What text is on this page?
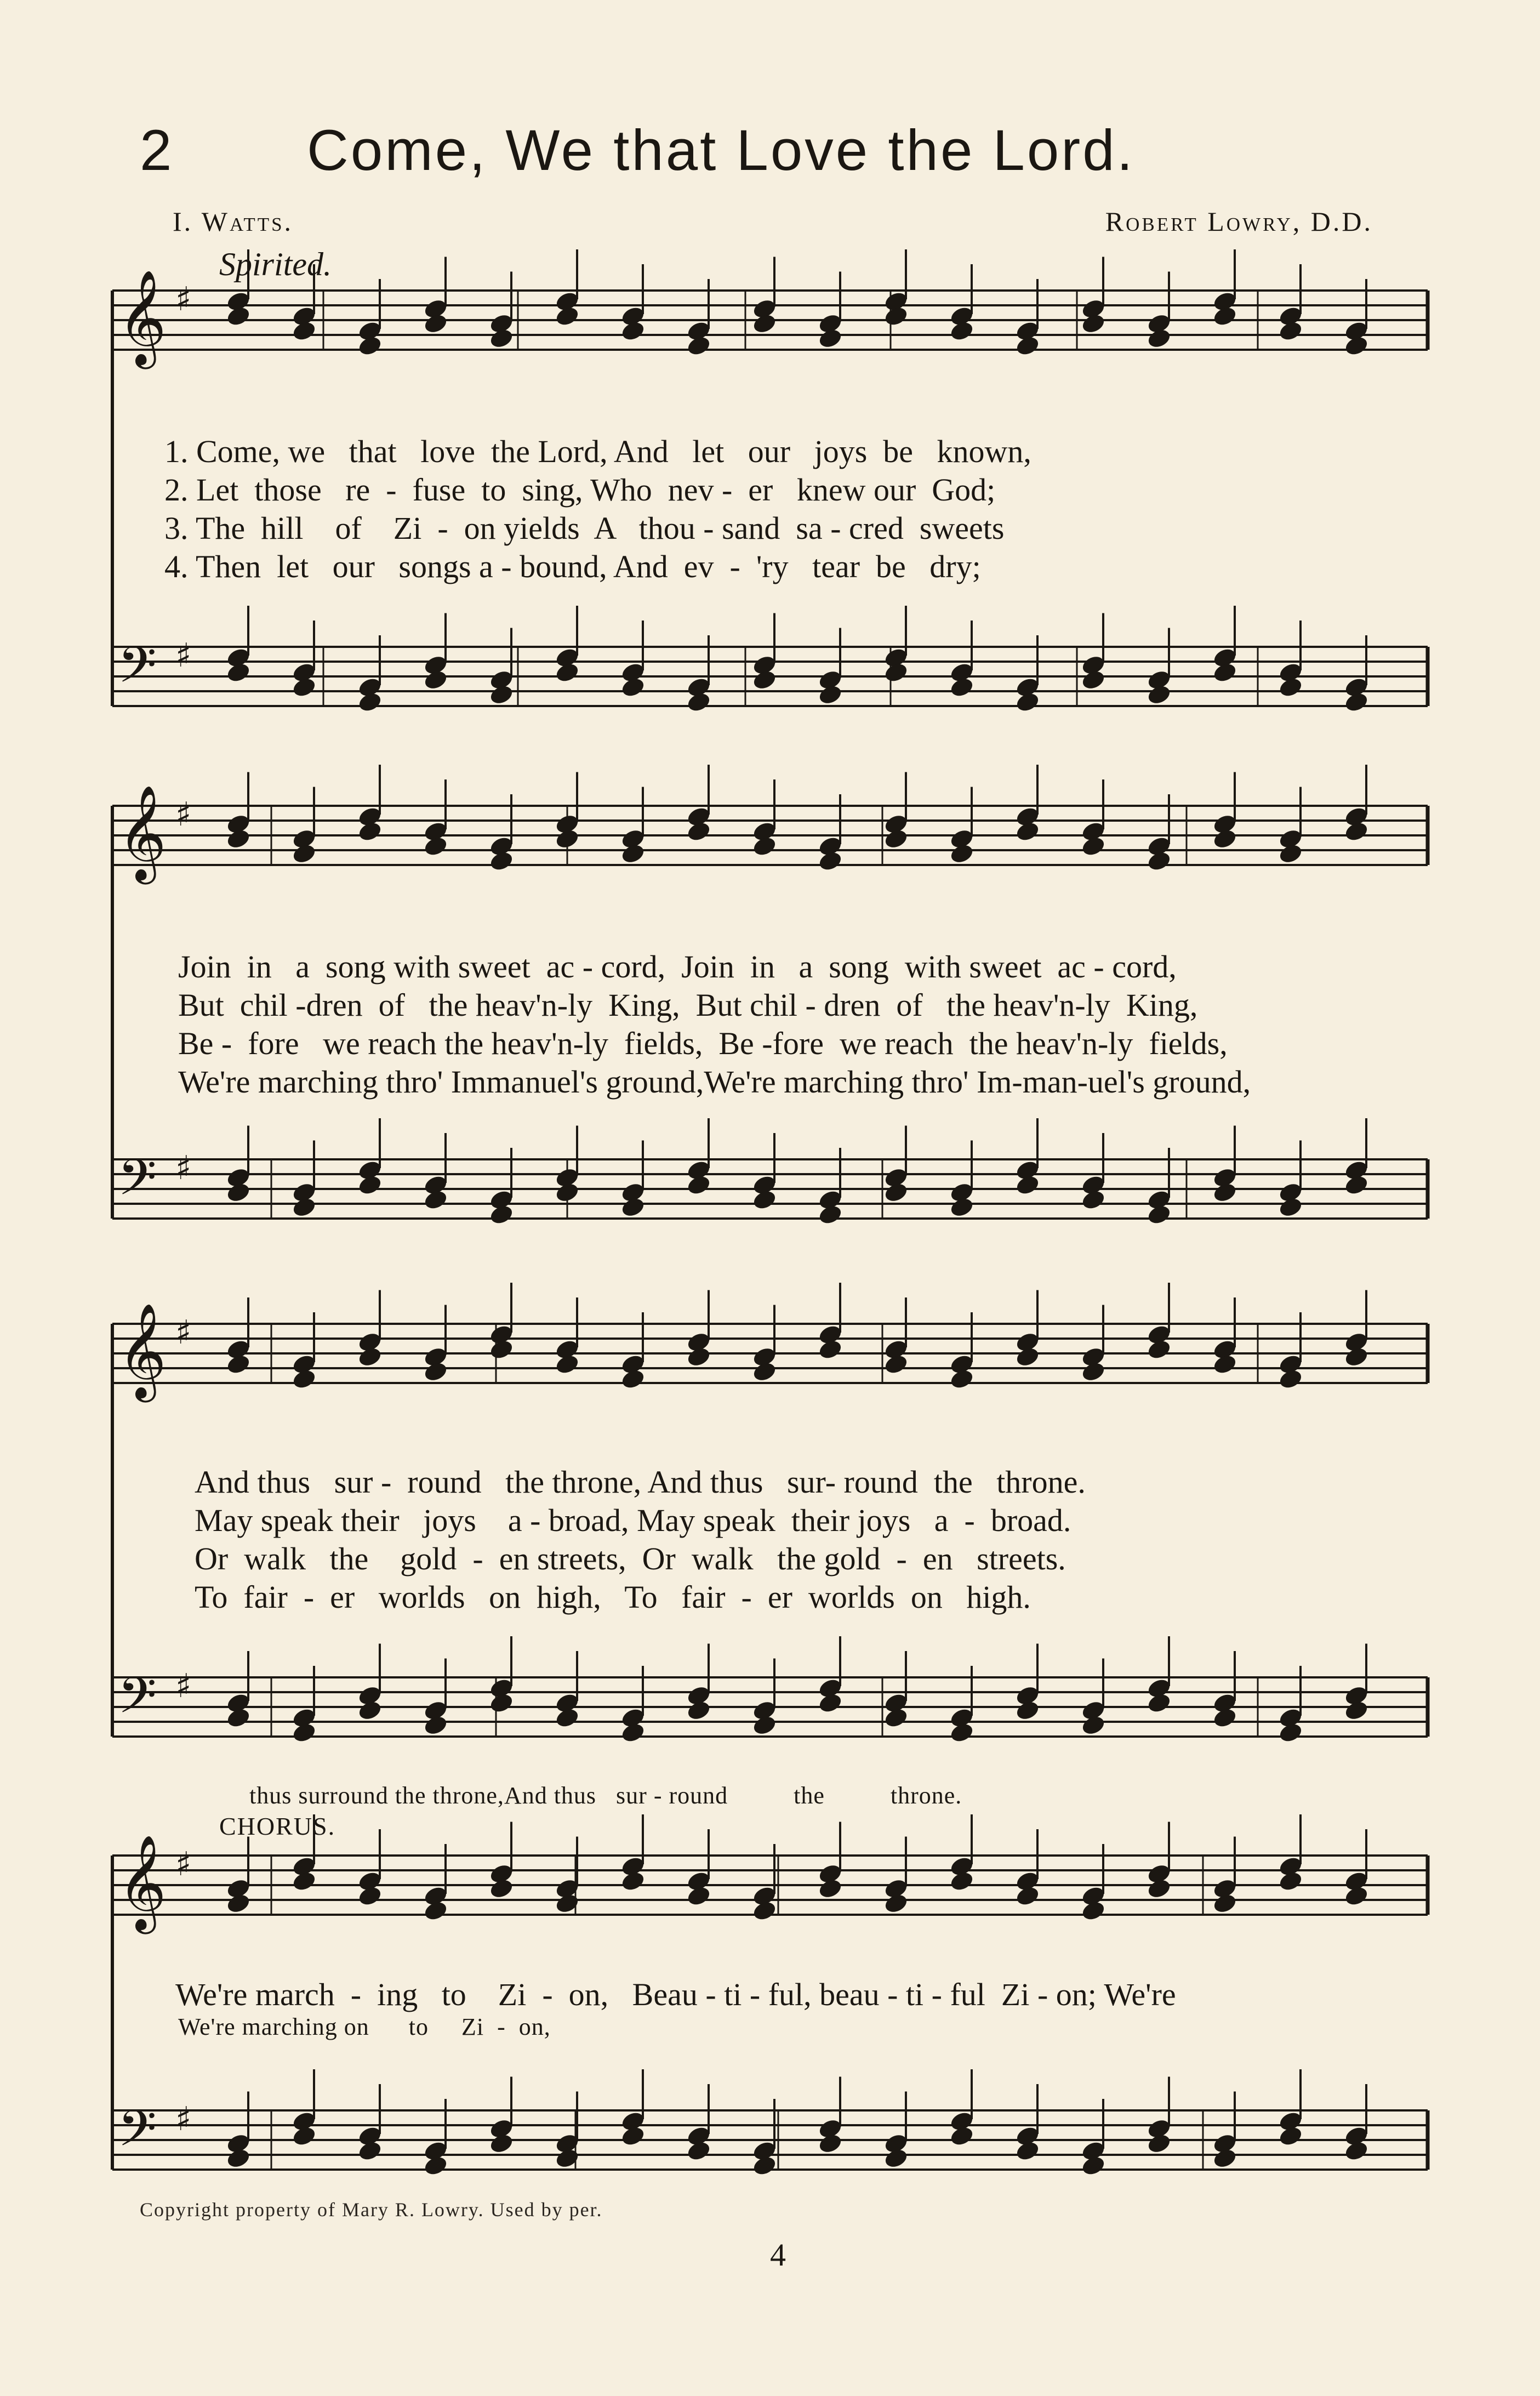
2 Come, We that Love the Lord.
I. Watts.	Robert Lowry, D.D.
Spirited.
𝄞 ♯
𝄢 ♯
𝄞 ♯
𝄢 ♯
𝄞 ♯
𝄢 ♯
𝄞 ♯
𝄢 ♯
1. Come, we   that   love  the Lord, And   let   our   joys  be   known,
2. Let  those   re  -  fuse  to  sing, Who  nev -  er   knew our  God;
3. The  hill    of    Zi  -  on yields  A   thou - sand  sa - cred  sweets
4. Then  let   our   songs a - bound, And  ev  -  'ry   tear  be   dry;
Join  in   a  song with sweet  ac - cord,  Join  in   a  song  with sweet  ac - cord,
But  chil -dren  of   the heav'n-ly  King,  But chil - dren  of   the heav'n-ly  King,
Be -  fore   we reach the heav'n-ly  fields,  Be -fore  we reach  the heav'n-ly  fields,
We're marching thro' Immanuel's ground,We're marching thro' Im-man-uel's ground,
And thus   sur -  round   the throne, And thus   sur- round  the   throne.
May speak their   joys    a - broad, May speak  their joys   a  -  broad.
Or  walk   the    gold  -  en streets,  Or  walk   the gold  -  en   streets.
To  fair  -  er   worlds   on  high,   To   fair  -  er  worlds  on   high.
thus surround the throne,And thus   sur - round          the          throne.
CHORUS.
We're march  -  ing   to    Zi  -  on,   Beau - ti - ful, beau - ti - ful  Zi - on; We're
We're marching on      to     Zi  -  on,
Copyright property of Mary R. Lowry. Used by per.
4
